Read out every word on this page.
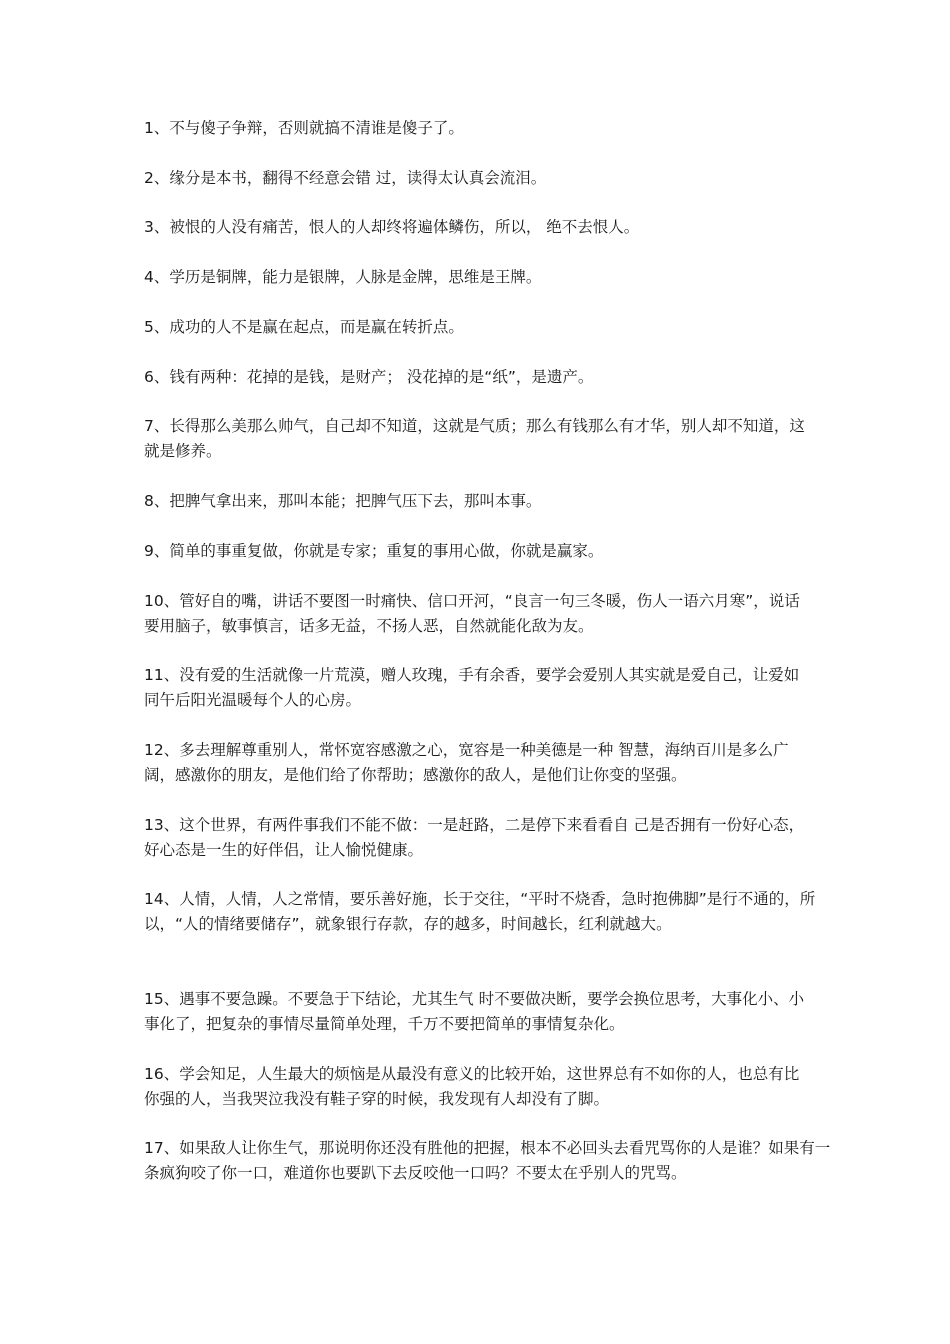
1、不与傻子争辩，否则就搞不清谁是傻子了。

2、缘分是本书，翻得不经意会错 过，读得太认真会流泪。

3、被恨的人没有痛苦，恨人的人却终将遍体鳞伤，所以， 绝不去恨人。

4、学历是铜牌，能力是银牌，人脉是金牌，思维是王牌。

5、成功的人不是赢在起点，而是赢在转折点。

6、钱有两种：花掉的是钱，是财产； 没花掉的是“纸”，是遗产。

7、长得那么美那么帅气，自己却不知道，这就是气质；那么有钱那么有才华，别人却不知道，这就是修养。

8、把脾气拿出来，那叫本能；把脾气压下去，那叫本事。

9、简单的事重复做，你就是专家；重复的事用心做，你就是赢家。

10、管好自的嘴，讲话不要图一时痛快、信口开河，“良言一句三冬暖，伤人一语六月寒”，说话要用脑子，敏事慎言，话多无益，不扬人恶，自然就能化敌为友。

11、没有爱的生活就像一片荒漠，赠人玫瑰，手有余香，要学会爱别人其实就是爱自己，让爱如同午后阳光温暖每个人的心房。

12、多去理解尊重别人，常怀宽容感激之心，宽容是一种美德是一种 智慧，海纳百川是多么广阔，感激你的朋友，是他们给了你帮助；感激你的敌人，是他们让你变的坚强。

13、这个世界，有两件事我们不能不做：一是赶路，二是停下来看看自 己是否拥有一份好心态，好心态是一生的好伴侣，让人愉悦健康。

14、人情，人情，人之常情，要乐善好施，长于交往，“平时不烧香，急时抱佛脚”是行不通的，所以，“人的情绪要储存”，就象银行存款，存的越多，时间越长，红利就越大。

15、遇事不要急躁。不要急于下结论，尤其生气 时不要做决断，要学会换位思考，大事化小、小事化了，把复杂的事情尽量简单处理，千万不要把简单的事情复杂化。

16、学会知足，人生最大的烦恼是从最没有意义的比较开始，这世界总有不如你的人，也总有比你强的人，当我哭泣我没有鞋子穿的时候，我发现有人却没有了脚。

17、如果敌人让你生气，那说明你还没有胜他的把握，根本不必回头去看咒骂你的人是谁？如果有一条疯狗咬了你一口，难道你也要趴下去反咬他一口吗？不要太在乎别人的咒骂。
